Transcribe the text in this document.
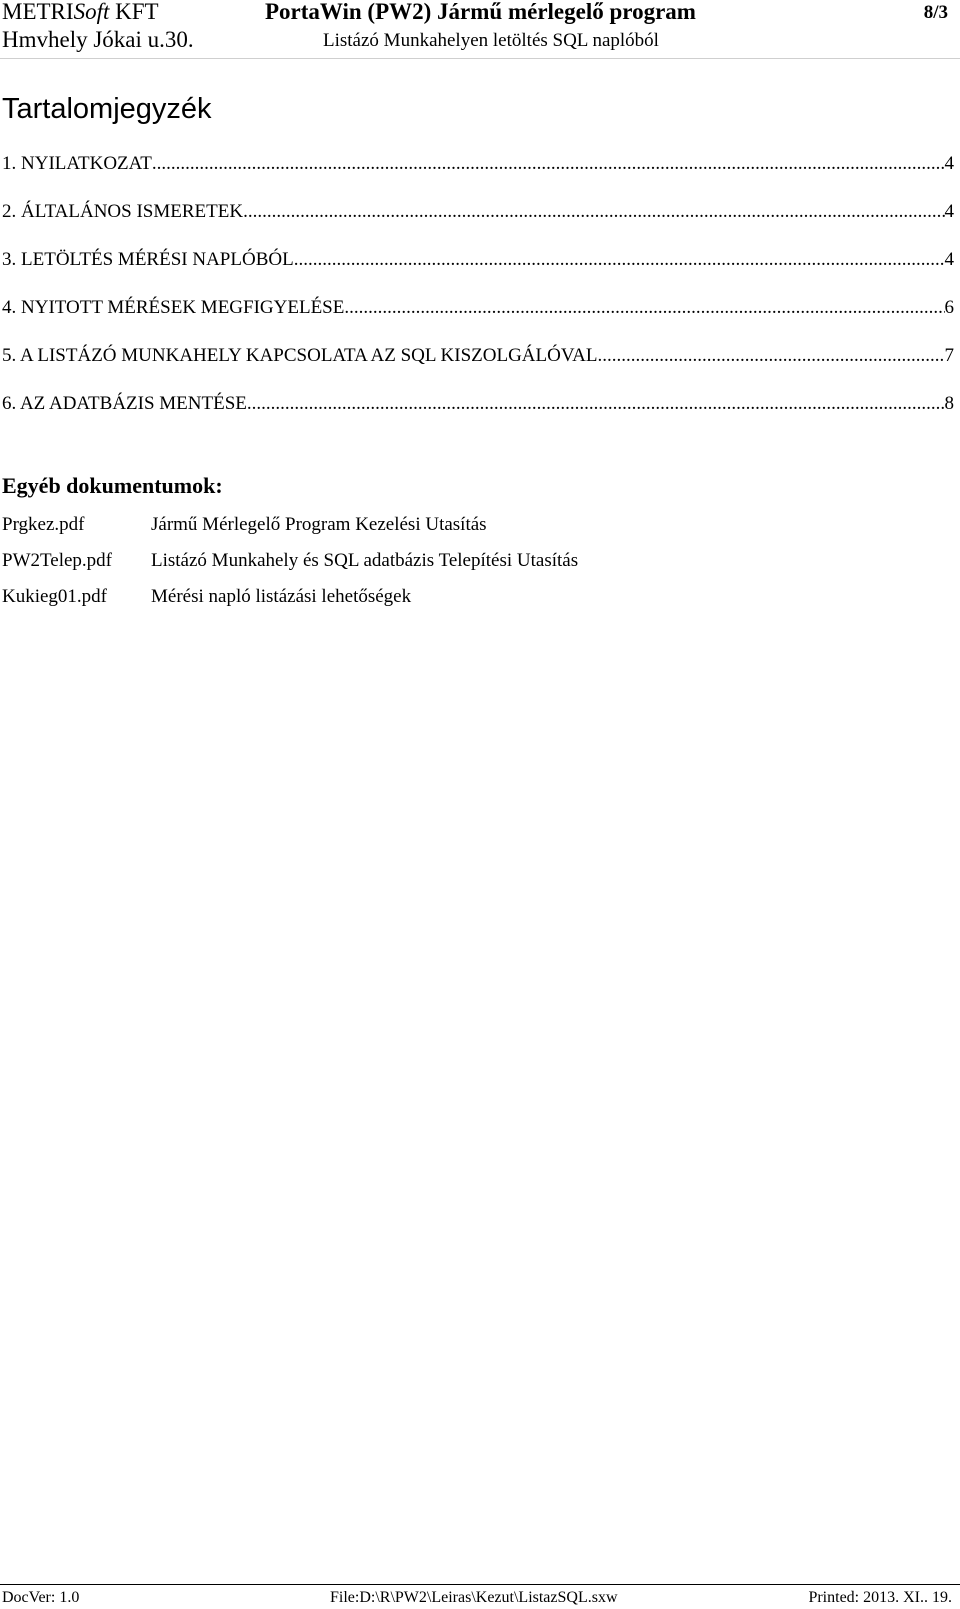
METRISoft KFT
Hmvhely Jókai u.30.
PortaWin (PW2) Jármű mérlegelő program	8/3
Listázó Munkahelyen letöltés SQL naplóból
Tartalomjegyzék
1. NYILATKOZAT .....	4
2. ÁLTALÁNOS ISMERETEK .....	4
3. LETÖLTÉS MÉRÉSI NAPLÓBÓL .....	4
4. NYITOTT MÉRÉSEK MEGFIGYELÉSE .....	6
5. A LISTÁZÓ MUNKAHELY KAPCSOLATA AZ SQL KISZOLGÁLÓVAL .....	7
6. AZ ADATBÁZIS MENTÉSE .....	8
Egyéb dokumentumok:
Prgkez.pdf	Jármű Mérlegelő Program Kezelési Utasítás
PW2Telep.pdf Listázó Munkahely és SQL adatbázis Telepítési Utasítás
Kukieg01.pdf Mérési napló listázási lehetőségek
DocVer: 1.0	File:D:\R\PW2\Leiras\Kezut\ListazSQL.sxw	Printed: 2013. XI.. 19.
